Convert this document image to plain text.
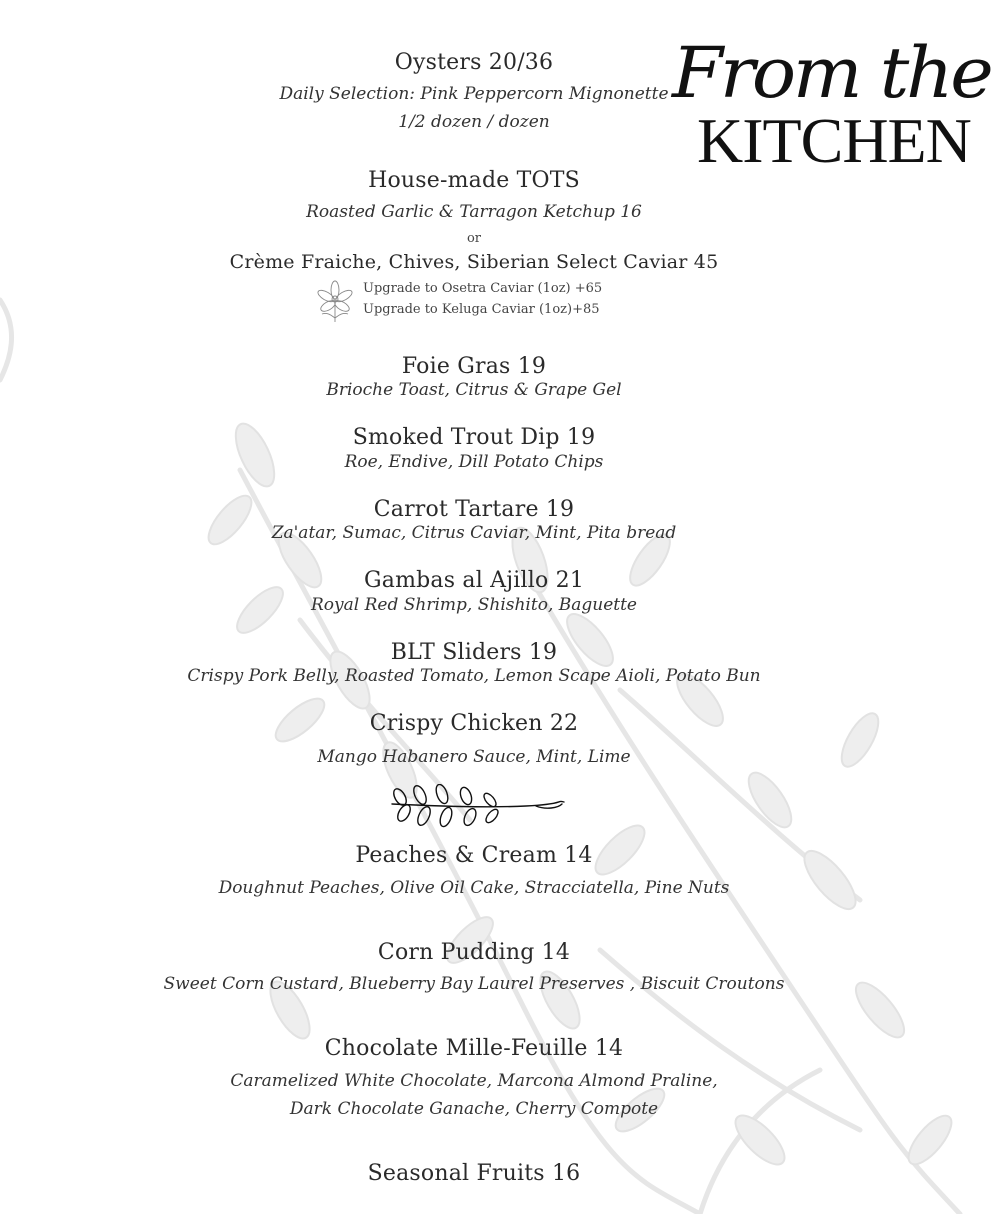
From the
KITCHEN
Oysters 20/36
Daily Selection: Pink Peppercorn Mignonette
1/2 dozen / dozen
House-made TOTS
Roasted Garlic & Tarragon Ketchup 16
or
Crème Fraiche, Chives, Siberian Select Caviar 45
Upgrade to Osetra Caviar (1oz) +65
Upgrade to Keluga Caviar (1oz)+85
Foie Gras 19
Brioche Toast, Citrus & Grape Gel
Smoked Trout Dip 19
Roe, Endive, Dill Potato Chips
Carrot Tartare 19
Za'atar, Sumac, Citrus Caviar, Mint, Pita bread
Gambas al Ajillo 21
Royal Red Shrimp, Shishito, Baguette
BLT Sliders 19
Crispy Pork Belly, Roasted Tomato, Lemon Scape Aioli, Potato Bun
Crispy Chicken 22
Mango Habanero Sauce, Mint, Lime
Peaches & Cream 14
Doughnut Peaches, Olive Oil Cake, Stracciatella, Pine Nuts
Corn Pudding 14
Sweet Corn Custard, Blueberry Bay Laurel Preserves , Biscuit Croutons
Chocolate Mille-Feuille 14
Caramelized White Chocolate, Marcona Almond Praline,
Dark Chocolate Ganache, Cherry Compote
Seasonal Fruits 16
